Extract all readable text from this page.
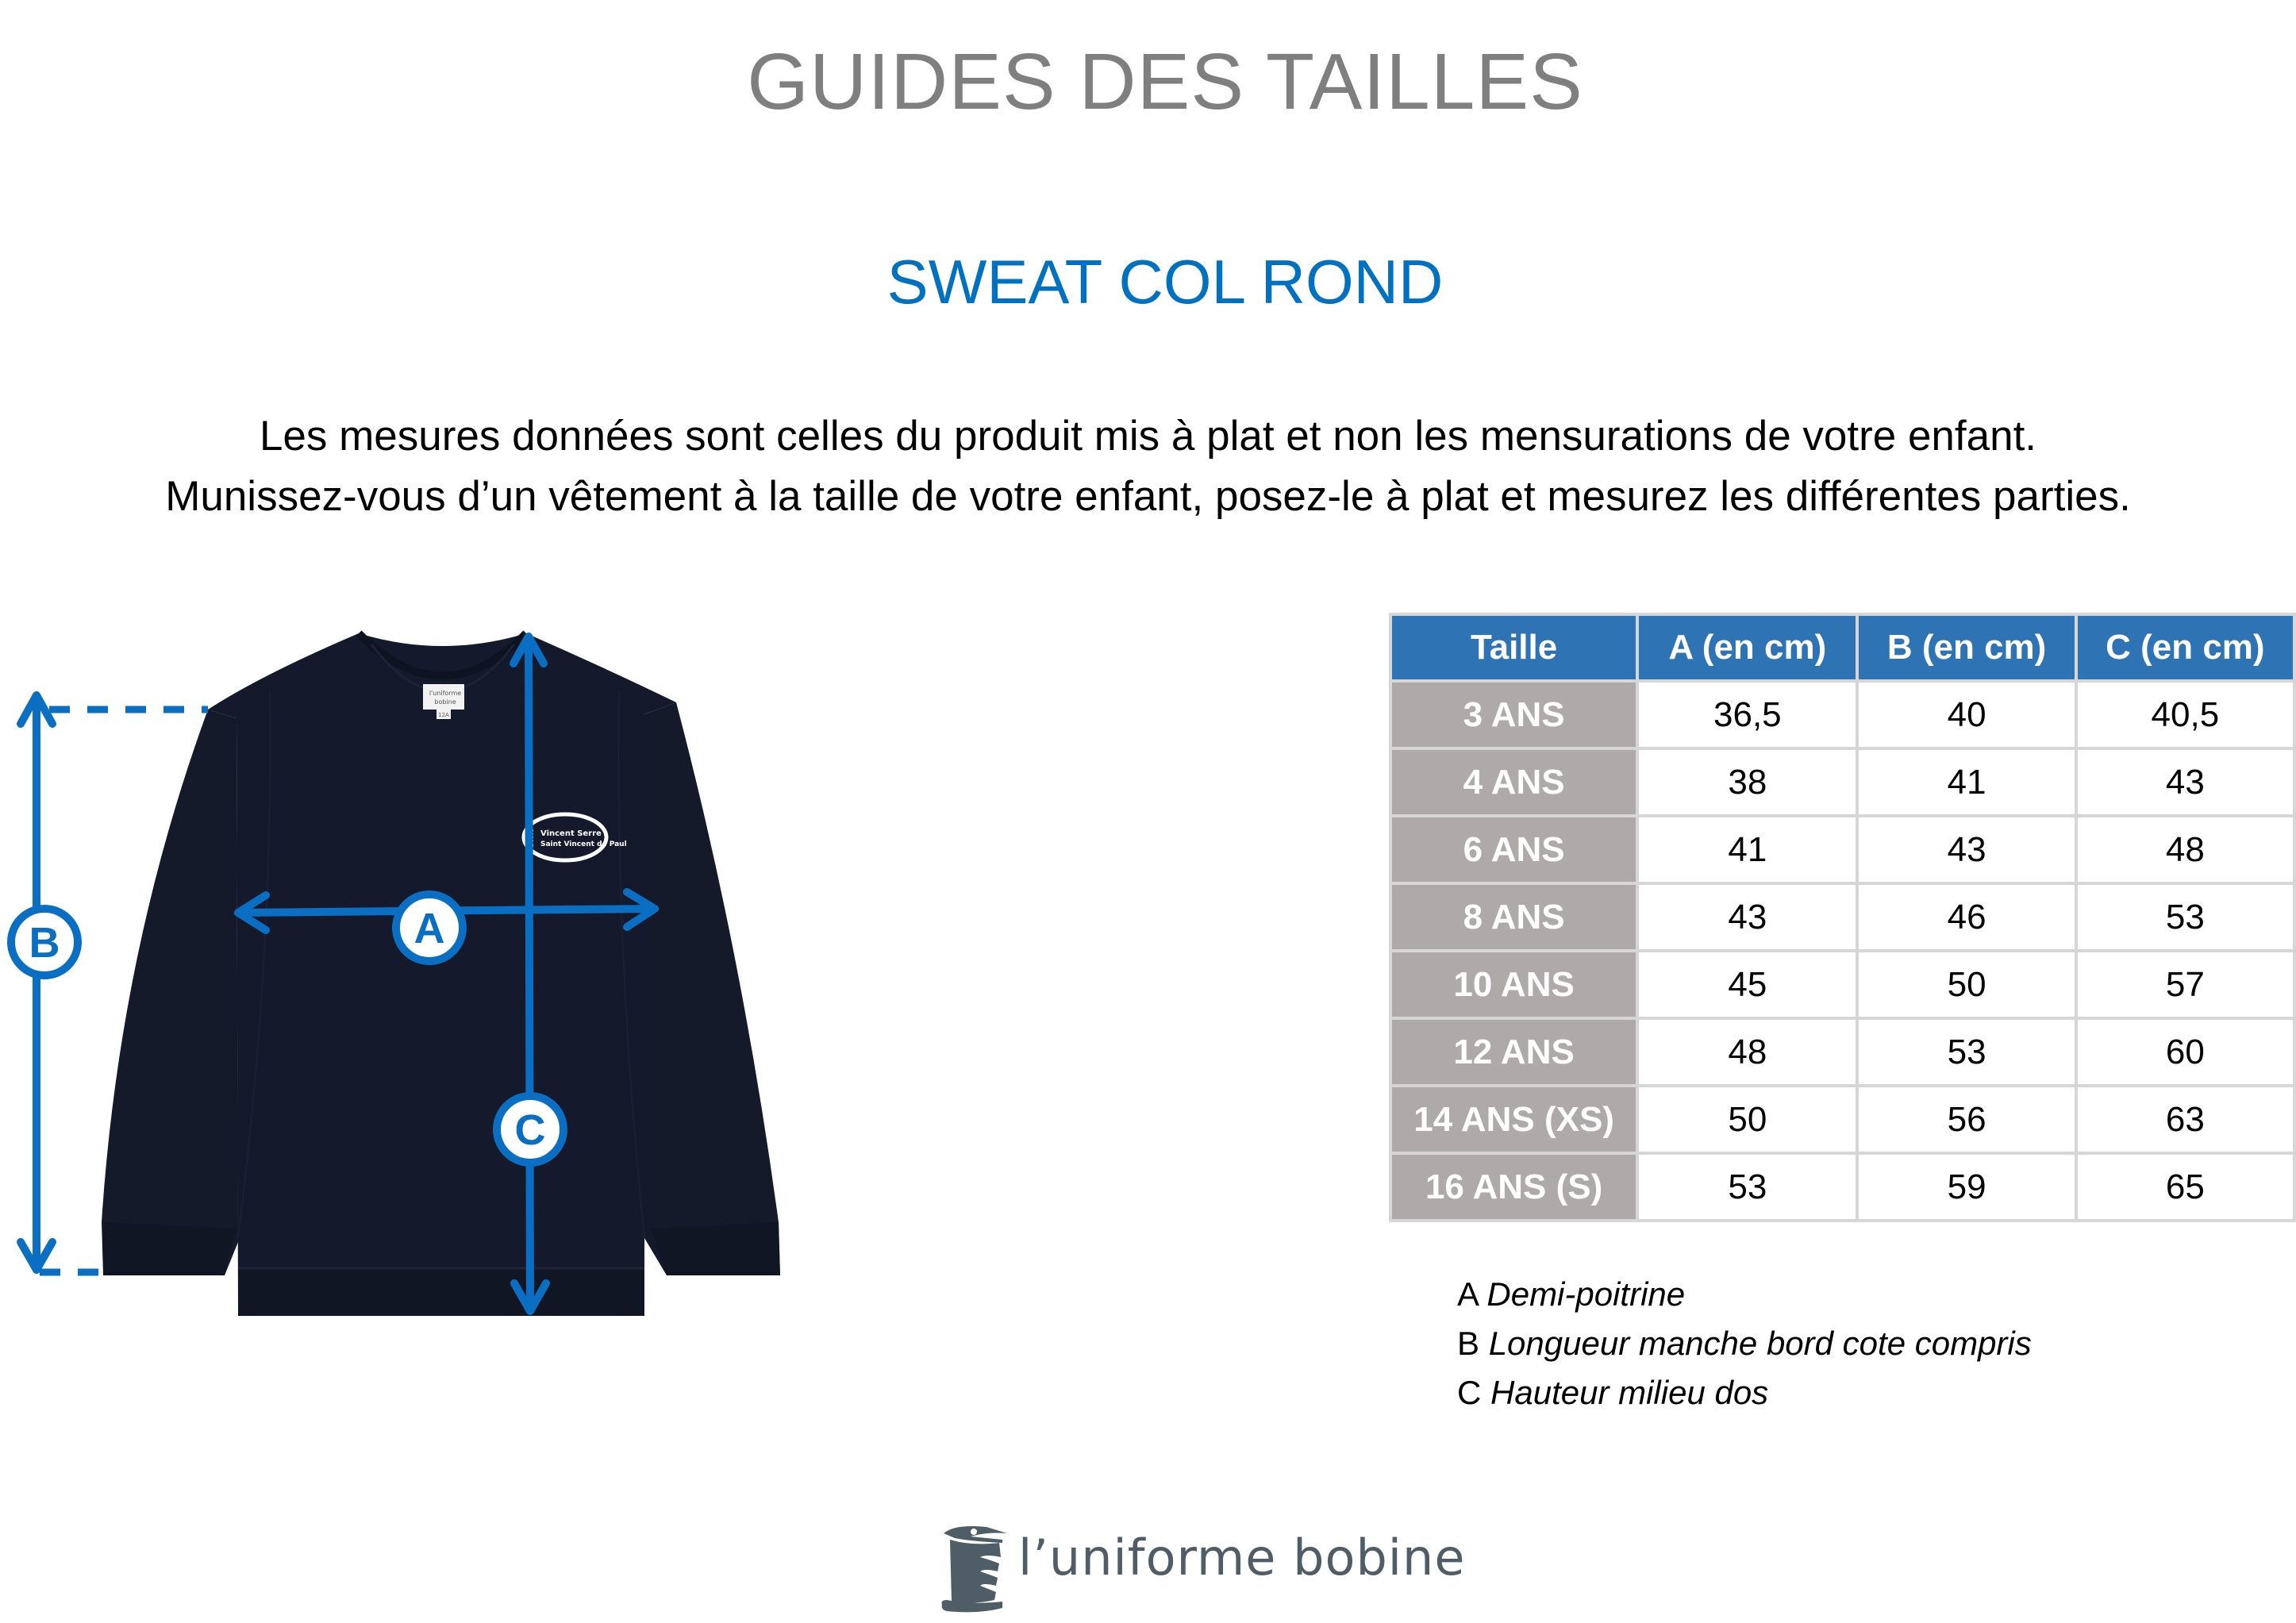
GUIDES DES TAILLES
SWEAT COL ROND
Les mesures données sont celles du produit mis à plat et non les mensurations de votre enfant.
Munissez-vous d’un vêtement à la taille de votre enfant, posez-le à plat et mesurez les différentes parties.
l'uniforme
bobine
12A
Ecole Vincent Serre
Saint Vincent de Paul
B	A
C
Taille	A (en cm)	B (en cm)	C (en cm)
3 ANS	36,5	40	40,5
4 ANS	38	41	43
6 ANS	41	43	48
8 ANS	43	46	53
10 ANS	45	50	57
12 ANS	48	53	60
14 ANS (XS)	50	56	63
16 ANS (S)	53	59	65
A Demi-poitrine
B Longueur manche bord cote compris
C Hauteur milieu dos
l’uniforme bobine
